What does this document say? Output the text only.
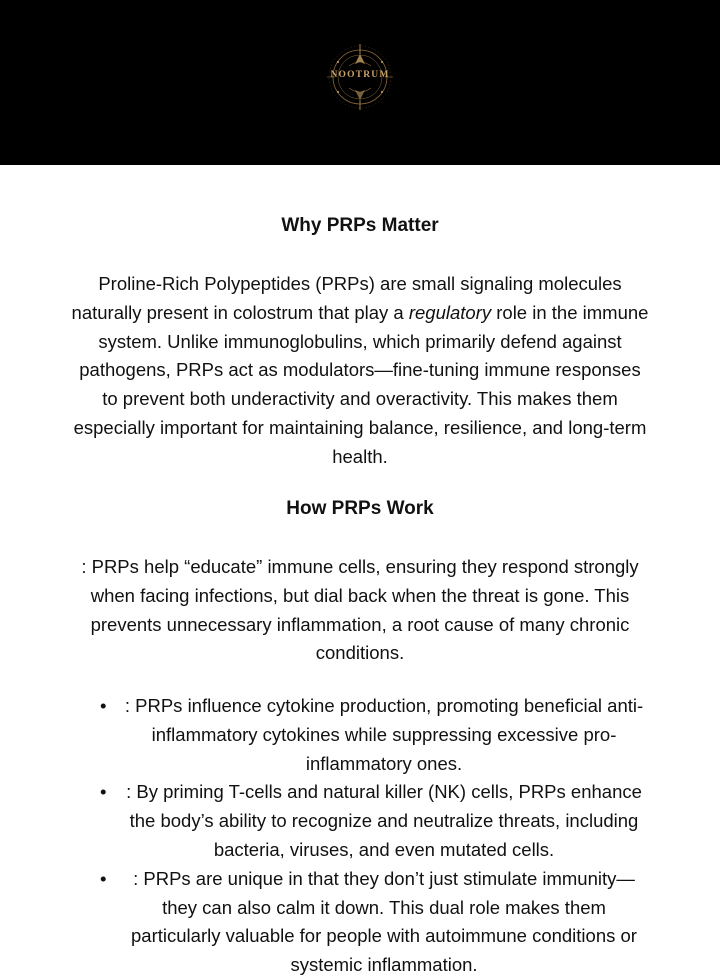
NOOTRUM
Why PRPs Matter

Proline-Rich Polypeptides (PRPs) are small signaling molecules naturally present in colostrum that play a regulatory role in the immune system. Unlike immunoglobulins, which primarily defend against pathogens, PRPs act as modulators—fine-tuning immune responses to prevent both underactivity and overactivity. This makes them especially important for maintaining balance, resilience, and long-term health.

How PRPs Work

: PRPs help “educate” immune cells, ensuring they respond strongly when facing infections, but dial back when the threat is gone. This prevents unnecessary inflammation, a root cause of many chronic conditions.

• : PRPs influence cytokine production, promoting beneficial anti-inflammatory cytokines while suppressing excessive pro-inflammatory ones.
• : By priming T-cells and natural killer (NK) cells, PRPs enhance the body’s ability to recognize and neutralize threats, including bacteria, viruses, and even mutated cells.
• : PRPs are unique in that they don’t just stimulate immunity—they can also calm it down. This dual role makes them particularly valuable for people with autoimmune conditions or systemic inflammation.
